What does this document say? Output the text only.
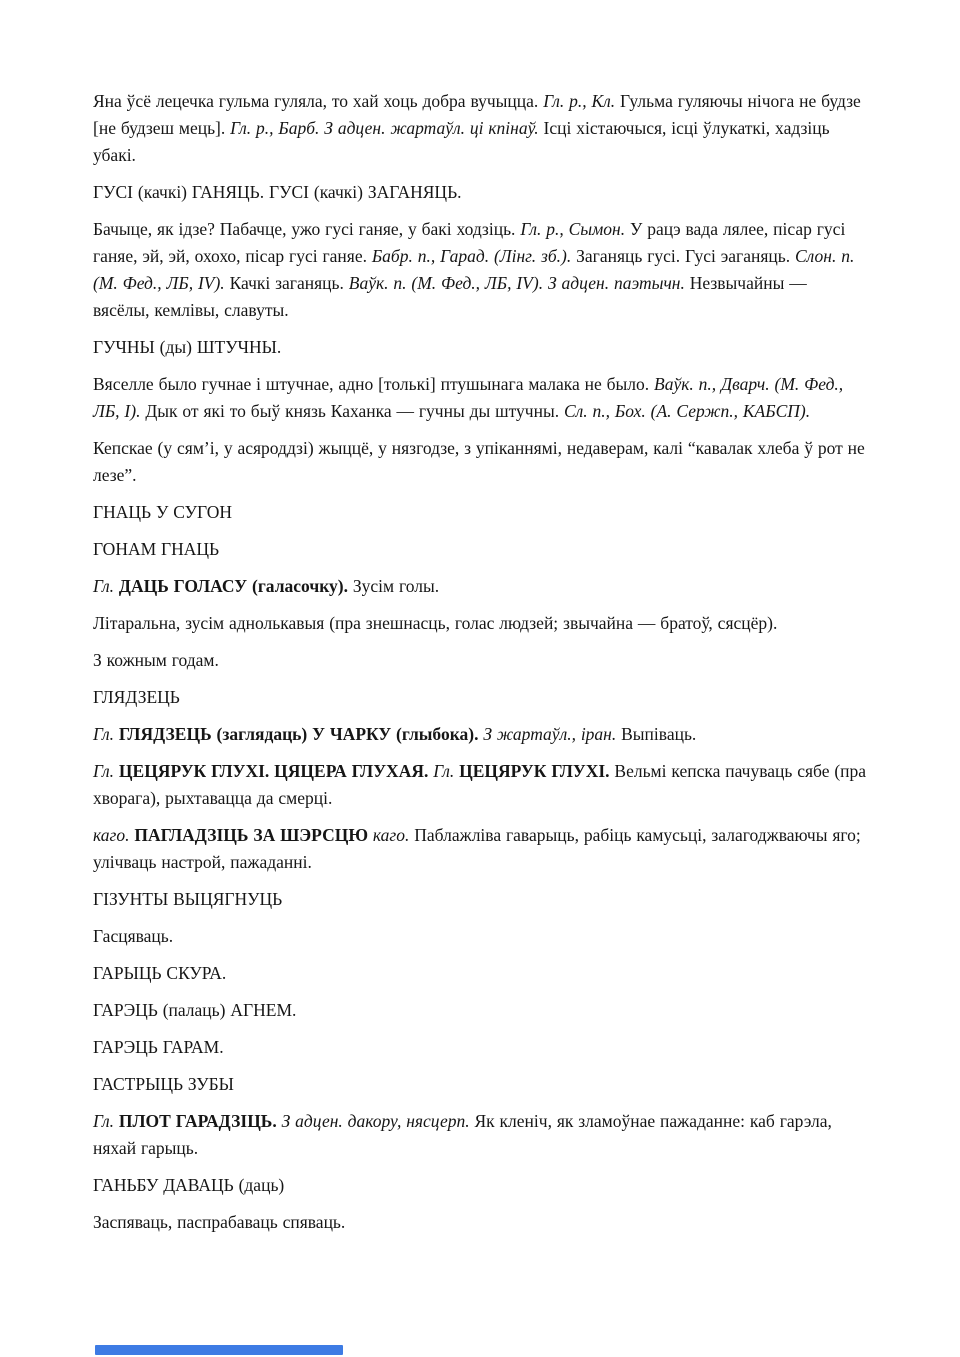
Яна ўсё лецечка гульма гуляла, то хай хоць добра вучыцца. Гл. р., Кл. Гульма гуляючы нічога не будзе [не будзеш мець]. Гл. р., Барб. З адцен. жартаўл. ці кпінаў. Ісці хістаючыся, ісці ўлукаткі, хадзіць убакі.

ГУСІ (качкі) ГАНЯЦЬ. ГУСІ (качкі) ЗАГАНЯЦЬ.

Бачыце, як ідзе? Пабачце, ужо гусі ганяе, у бакі ходзіць. Гл. р., Сымон. У рацэ вада лялее, пісар гусі ганяе, эй, эй, охохо, пісар гусі ганяе. Бабр. п., Гарад. (Лінг. зб.). Заганяць гусі. Гусі эаганяць. Слон. п. (М. Фед., ЛБ, IV). Качкі заганяць. Ваўк. п. (М. Фед., ЛБ, IV). З адцен. паэтычн. Незвычайны — вясёлы, кемлівы, славуты.

ГУЧНЫ (ды) ШТУЧНЫ.

Вяселле было гучнае і штучнае, адно [толькі] птушынага малака не было. Ваўк. п., Дварч. (М. Фед., ЛБ, I). Дык от які то быў князь Каханка — гучны ды штучны. Сл. п., Бох. (А. Сержп., КАБСП).

Кепскае (у сям’і, у асяроддзі) жыццё, у нязгодзе, з упіканнямі, недаверам, калі “кавалак хлеба ў рот не лезе”.

ГНАЦЬ У СУГОН

ГОНАМ ГНАЦЬ

Гл. ДАЦЬ ГОЛАСУ (галасочку). Зусім голы.

Літаральна, зусім аднолькавыя (пра знешнасць, голас людзей; звычайна — братоў, сясцёр).

З кожным годам.

ГЛЯДЗЕЦЬ

Гл. ГЛЯДЗЕЦЬ (заглядаць) У ЧАРКУ (глыбока). З жартаўл., іран. Выпіваць.

Гл. ЦЕЦЯРУК ГЛУХІ. ЦЯЦЕРА ГЛУХАЯ. Гл. ЦЕЦЯРУК ГЛУХІ. Вельмі кепска пачуваць сябе (пра хворага), рыхтавацца да смерці.

каго. ПАГЛАДЗІЦЬ ЗА ШЭРСЦЮ каго. Паблажліва гаварыць, рабіць камусьці, залагоджваючы яго; улічваць настрой, пажаданні.

ГІЗУНТЫ ВЫЦЯГНУЦЬ

Гасцяваць.

ГАРЫЦЬ СКУРА.

ГАРЭЦЬ (палаць) АГНЕМ.

ГАРЭЦЬ ГАРАМ.

ГАСТРЫЦЬ ЗУБЫ

Гл. ПЛОТ ГАРАДЗІЦЬ. З адцен. дакору, нясцерп. Як кленіч, як зламоўнае пажаданне: каб гарэла, няхай гарыць.

ГАНЬБУ ДАВАЦЬ (даць)

Заспяваць, паспрабаваць спяваць.
